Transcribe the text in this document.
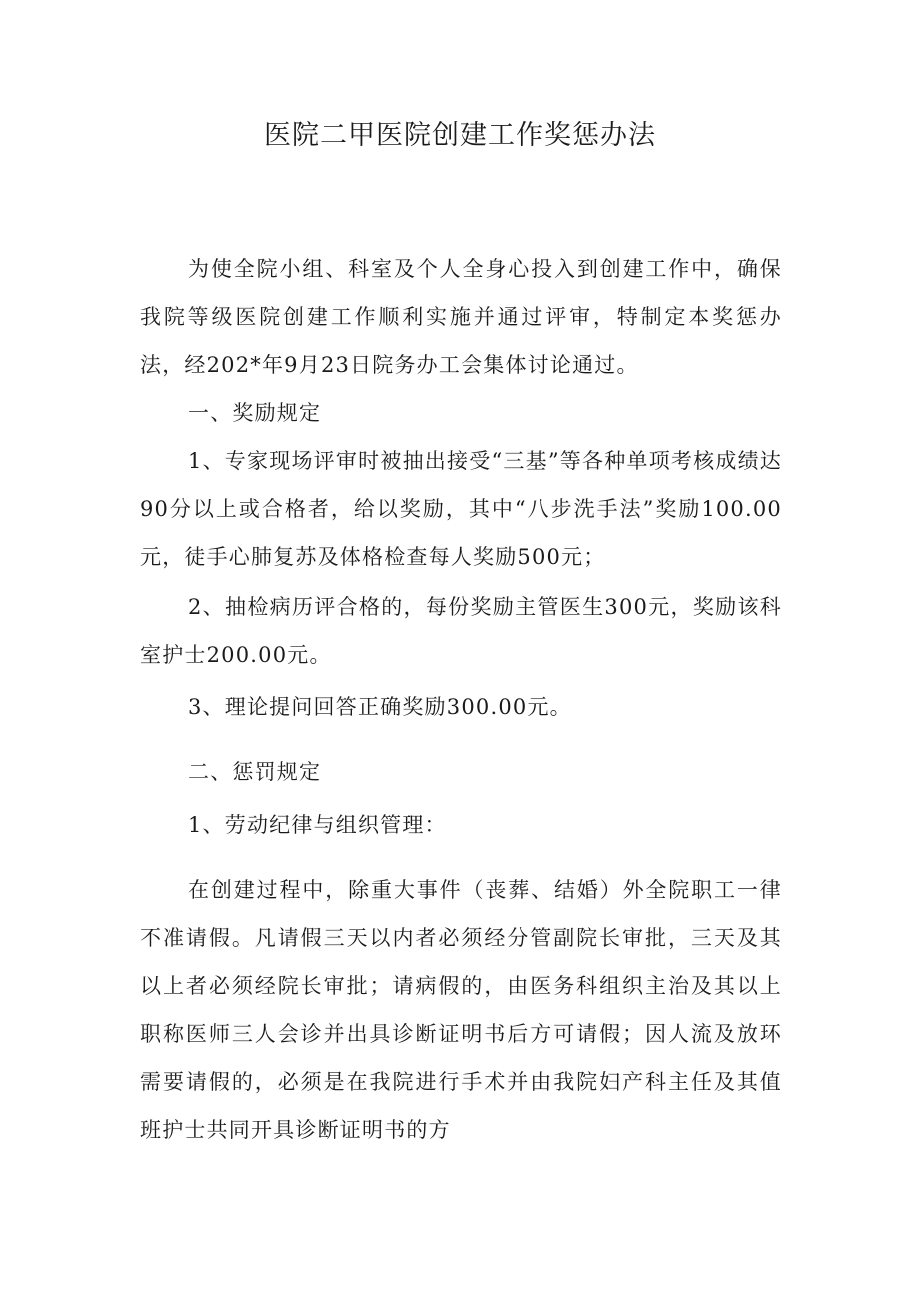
医院二甲医院创建工作奖惩办法

为使全院小组、科室及个人全身心投入到创建工作中，确保我院等级医院创建工作顺利实施并通过评审，特制定本奖惩办法，经202*年9月23日院务办工会集体讨论通过。

一、奖励规定

1、专家现场评审时被抽出接受“三基”等各种单项考核成绩达90分以上或合格者，给以奖励，其中“八步洗手法”奖励100.00元，徒手心肺复苏及体格检查每人奖励500元；

2、抽检病历评合格的，每份奖励主管医生300元，奖励该科室护士200.00元。

3、理论提问回答正确奖励300.00元。

二、惩罚规定

1、劳动纪律与组织管理：

在创建过程中，除重大事件（丧葬、结婚）外全院职工一律不准请假。凡请假三天以内者必须经分管副院长审批，三天及其以上者必须经院长审批；请病假的，由医务科组织主治及其以上职称医师三人会诊并出具诊断证明书后方可请假；因人流及放环需要请假的，必须是在我院进行手术并由我院妇产科主任及其值班护士共同开具诊断证明书的方
